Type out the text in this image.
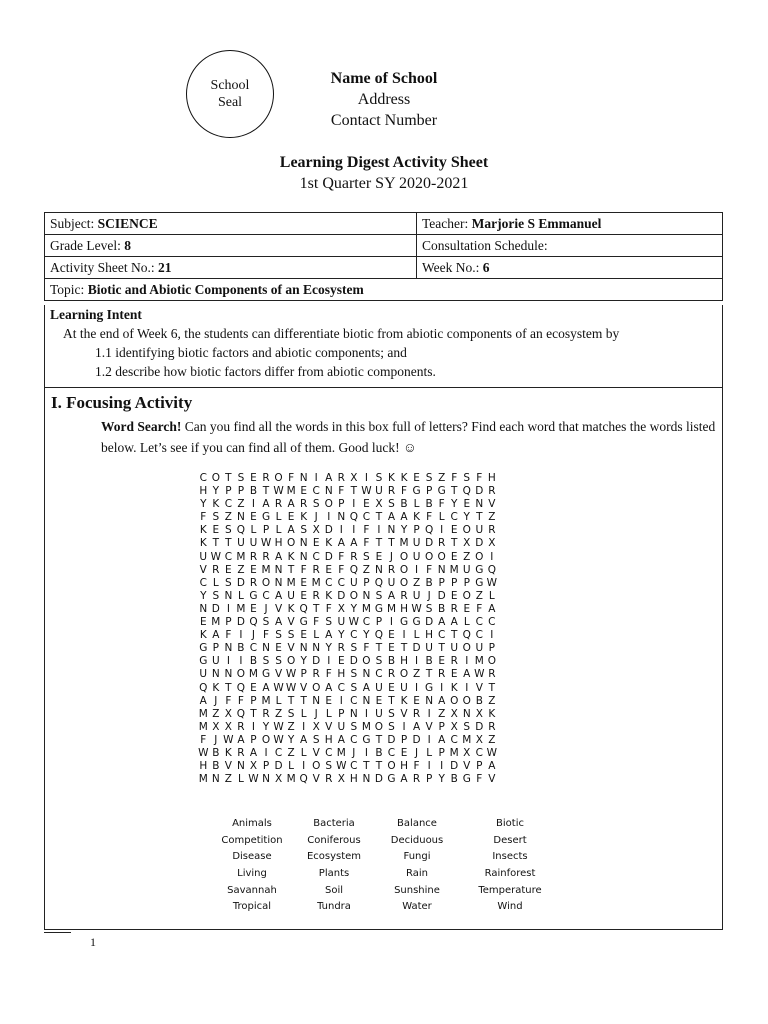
School
Seal
Name of School
Address
Contact Number
Learning Digest Activity Sheet
1st Quarter SY 2020-2021
Subject: SCIENCE	Teacher: Marjorie S Emmanuel
Grade Level: 8	Consultation Schedule:
Activity Sheet No.: 21	Week No.: 6
Topic: Biotic and Abiotic Components of an Ecosystem	
Learning Intent
At the end of Week 6, the students can differentiate biotic from abiotic components of an ecosystem by
1.1 identifying biotic factors and abiotic components; and
1.2 describe how biotic factors differ from abiotic components.
I. Focusing Activity
Word Search! Can you find all the words in this box full of letters? Find each word that matches the words listed below. Let’s see if you can find all of them. Good luck! ☺
C O T S E R O F N I A R X I S K K E S Z F S F H
H Y P P B T W M E C N F T W U R F G P G T Q D R
Y K C Z I A R A R S O P I E X S B L B F Y E N V
F S Z N E G L E K J I N Q C T A A K F L C Y T Z
K E S Q L P L A S X D I I F I N Y P Q I E O U R
K T T U U W H O N E K A A F T T M U D R T X D X
U W C M R R A K N C D F R S E J O U O O E Z O I
V R E Z E M N T F R E F Q Z N R O I F N M U G Q
C L S D R O N M E M C C U P Q U O Z B P P P G W
Y S N L G C A U E R K D O N S A R U J D E O Z L
N D I M E J V K Q T F X Y M G M H W S B R E F A
E M P D Q S A V G F S U W C P I G G D A A L C C
K A F I J F S S E L A Y C Y Q E I L H C T Q C I
G P N B C N E V N N Y R S F T E T D U T U O U P
G U I I B S S O Y D I E D O S B H I B E R I M O
U N N O M G V W P R F H S N C R O Z T R E A W R
Q K T Q E A W W V O A C S A U E U I G I K I V T
A J F F P M L T T N E I C N E T K E N A O O B Z
M Z X Q T R Z S L J L P N I U S V R I Z X N X K
M X X R I Y W Z I X V U S M O S I A V P X S D R
F J W A P O W Y A S H A C G T D P D I A C M X Z
W B K R A I C Z L V C M J I B C E J L P M X C W
H B V N X P D L I O S W C T T O H F I I D V P A
M N Z L W N X M Q V R X H N D G A R P Y B G F V
Animals	Bacteria	Balance	Biotic
Competition	Coniferous	Deciduous	Desert
Disease	Ecosystem	Fungi	Insects
Living	Plants	Rain	Rainforest
Savannah	Soil	Sunshine	Temperature
Tropical	Tundra	Water	Wind
1
